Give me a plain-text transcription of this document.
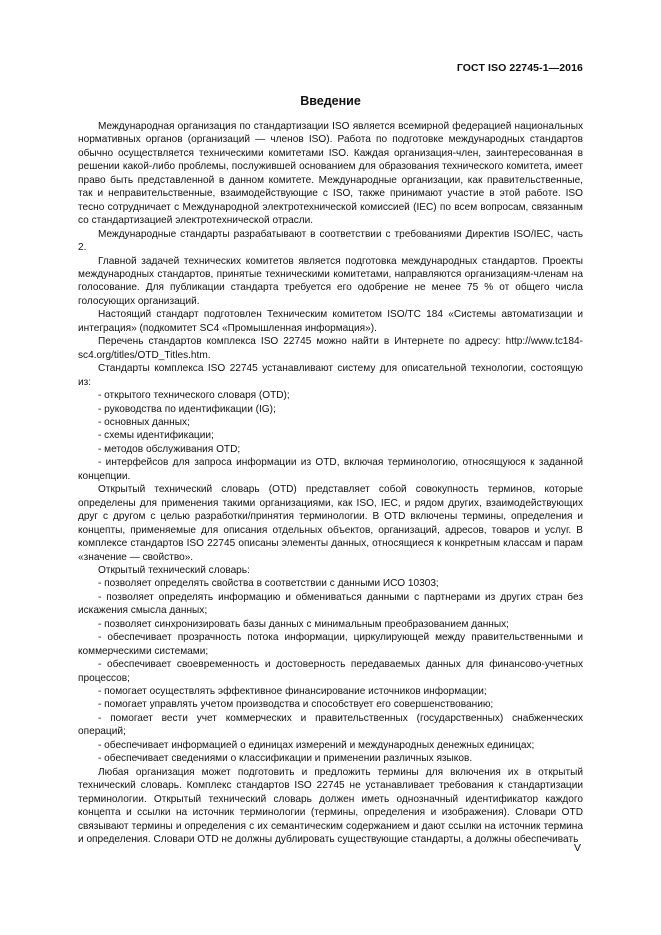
ГОСТ ISO 22745-1—2016
Введение

Международная организация по стандартизации ISO является всемирной федерацией национальных нормативных органов (организаций — членов ISO). Работа по подготовке международных стандартов обычно осуществляется техническими комитетами ISO. Каждая организация-член, заинтересованная в решении какой-либо проблемы, послужившей основанием для образования технического комитета, имеет право быть представленной в данном комитете. Международные организации, как правительственные, так и неправительственные, взаимодействующие с ISO, также принимают участие в этой работе. ISO тесно сотрудничает с Международной электротехнической комиссией (IEC) по всем вопросам, связанным со стандартизацией электротехнической отрасли.

Международные стандарты разрабатывают в соответствии с требованиями Директив ISO/IEC, часть 2.

Главной задачей технических комитетов является подготовка международных стандартов. Проекты международных стандартов, принятые техническими комитетами, направляются организациям-членам на голосование. Для публикации стандарта требуется его одобрение не менее 75 % от общего числа голосующих организаций.

Настоящий стандарт подготовлен Техническим комитетом ISO/TC 184 «Системы автоматизации и интеграция» (подкомитет SC4 «Промышленная информация»).

Перечень стандартов комплекса ISO 22745 можно найти в Интернете по адресу: http://www.tc184-sc4.org/titles/OTD_Titles.htm.

Стандарты комплекса ISO 22745 устанавливают систему для описательной технологии, состоящую из:

- открытого технического словаря (OTD);

- руководства по идентификации (IG);

- основных данных;

- схемы идентификации;

- методов обслуживания OTD;

- интерфейсов для запроса информации из OTD, включая терминологию, относящуюся к заданной концепции.

Открытый технический словарь (OTD) представляет собой совокупность терминов, которые определены для применения такими организациями, как ISO, IEC, и рядом других, взаимодействующих друг с другом с целью разработки/принятия терминологии. В OTD включены термины, определения и концепты, применяемые для описания отдельных объектов, организаций, адресов, товаров и услуг. В комплексе стандартов ISO 22745 описаны элементы данных, относящиеся к конкретным классам и парам «значение — свойство».

Открытый технический словарь:

- позволяет определять свойства в соответствии с данными ИСО 10303;

- позволяет определять информацию и обмениваться данными с партнерами из других стран без искажения смысла данных;

- позволяет синхронизировать базы данных с минимальным преобразованием данных;

- обеспечивает прозрачность потока информации, циркулирующей между правительственными и коммерческими системами;

- обеспечивает своевременность и достоверность передаваемых данных для финансово-учетных процессов;

- помогает осуществлять эффективное финансирование источников информации;

- помогает управлять учетом производства и способствует его совершенствованию;

- помогает вести учет коммерческих и правительственных (государственных) снабженческих операций;

- обеспечивает информацией о единицах измерений и международных денежных единицах;

- обеспечивает сведениями о классификации и применении различных языков.

Любая организация может подготовить и предложить термины для включения их в открытый технический словарь. Комплекс стандартов ISO 22745 не устанавливает требования к стандартизации терминологии. Открытый технический словарь должен иметь однозначный идентификатор каждого концепта и ссылки на источник терминологии (термины, определения и изображения). Словари OTD связывают термины и определения с их семантическим содержанием и дают ссылки на источник термина и определения. Словари OTD не должны дублировать существующие стандарты, а должны обеспечивать

V
